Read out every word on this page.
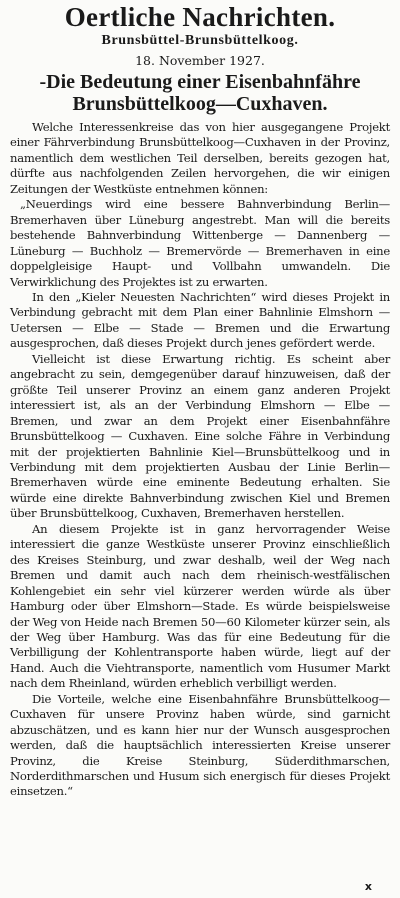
Oertliche Nachrichten.
Brunsbüttel-Brunsbüttelkoog.
18. November 1927.
-Die Bedeutung einer Eisenbahnfähre
Brunsbüttelkoog—Cuxhaven.

Welche Interessenkreise das von hier ausgegangene Projekt einer Fährverbindung Brunsbüttelkoog—Cuxhaven in der Provinz, namentlich dem westlichen Teil derselben, bereits gezogen hat, dürfte aus nachfolgenden Zeilen hervorgehen, die wir einigen Zeitungen der Westküste entnehmen können:

„Neuerdings wird eine bessere Bahnverbindung Berlin—Bremerhaven über Lüneburg angestrebt. Man will die bereits bestehende Bahnverbindung Wittenberge — Dannenberg — Lüneburg — Buchholz — Bremervörde — Bremerhaven in eine doppelgleisige Haupt- und Vollbahn umwandeln. Die Verwirklichung des Projektes ist zu erwarten.

In den „Kieler Neuesten Nachrichten“ wird dieses Projekt in Verbindung gebracht mit dem Plan einer Bahnlinie Elmshorn — Uetersen — Elbe — Stade — Bremen und die Erwartung ausgesprochen, daß dieses Projekt durch jenes gefördert werde.

Vielleicht ist diese Erwartung richtig. Es scheint aber angebracht zu sein, demgegenüber darauf hinzuweisen, daß der größte Teil unserer Provinz an einem ganz anderen Projekt interessiert ist, als an der Verbindung Elmshorn — Elbe — Bremen, und zwar an dem Projekt einer Eisenbahnfähre Brunsbüttelkoog — Cuxhaven. Eine solche Fähre in Verbindung mit der projektierten Bahnlinie Kiel—Brunsbüttelkoog und in Verbindung mit dem projektierten Ausbau der Linie Berlin—Bremerhaven würde eine eminente Bedeutung erhalten. Sie würde eine direkte Bahnverbindung zwischen Kiel und Bremen über Brunsbüttelkoog, Cuxhaven, Bremerhaven herstellen.

An diesem Projekte ist in ganz hervorragender Weise interessiert die ganze Westküste unserer Provinz einschließlich des Kreises Steinburg, und zwar deshalb, weil der Weg nach Bremen und damit auch nach dem rheinisch-westfälischen Kohlengebiet ein sehr viel kürzerer werden würde als über Hamburg oder über Elmshorn—Stade. Es würde beispielsweise der Weg von Heide nach Bremen 50—60 Kilometer kürzer sein, als der Weg über Hamburg. Was das für eine Bedeutung für die Verbilligung der Kohlentransporte haben würde, liegt auf der Hand. Auch die Viehtransporte, namentlich vom Husumer Markt nach dem Rheinland, würden erheblich verbilligt werden.

Die Vorteile, welche eine Eisenbahnfähre Brunsbüttelkoog—Cuxhaven für unsere Provinz haben würde, sind garnicht abzuschätzen, und es kann hier nur der Wunsch ausgesprochen werden, daß die hauptsächlich interessierten Kreise unserer Provinz, die Kreise Steinburg, Süderdithmarschen, Norderdithmarschen und Husum sich energisch für dieses Projekt einsetzen.“

x
